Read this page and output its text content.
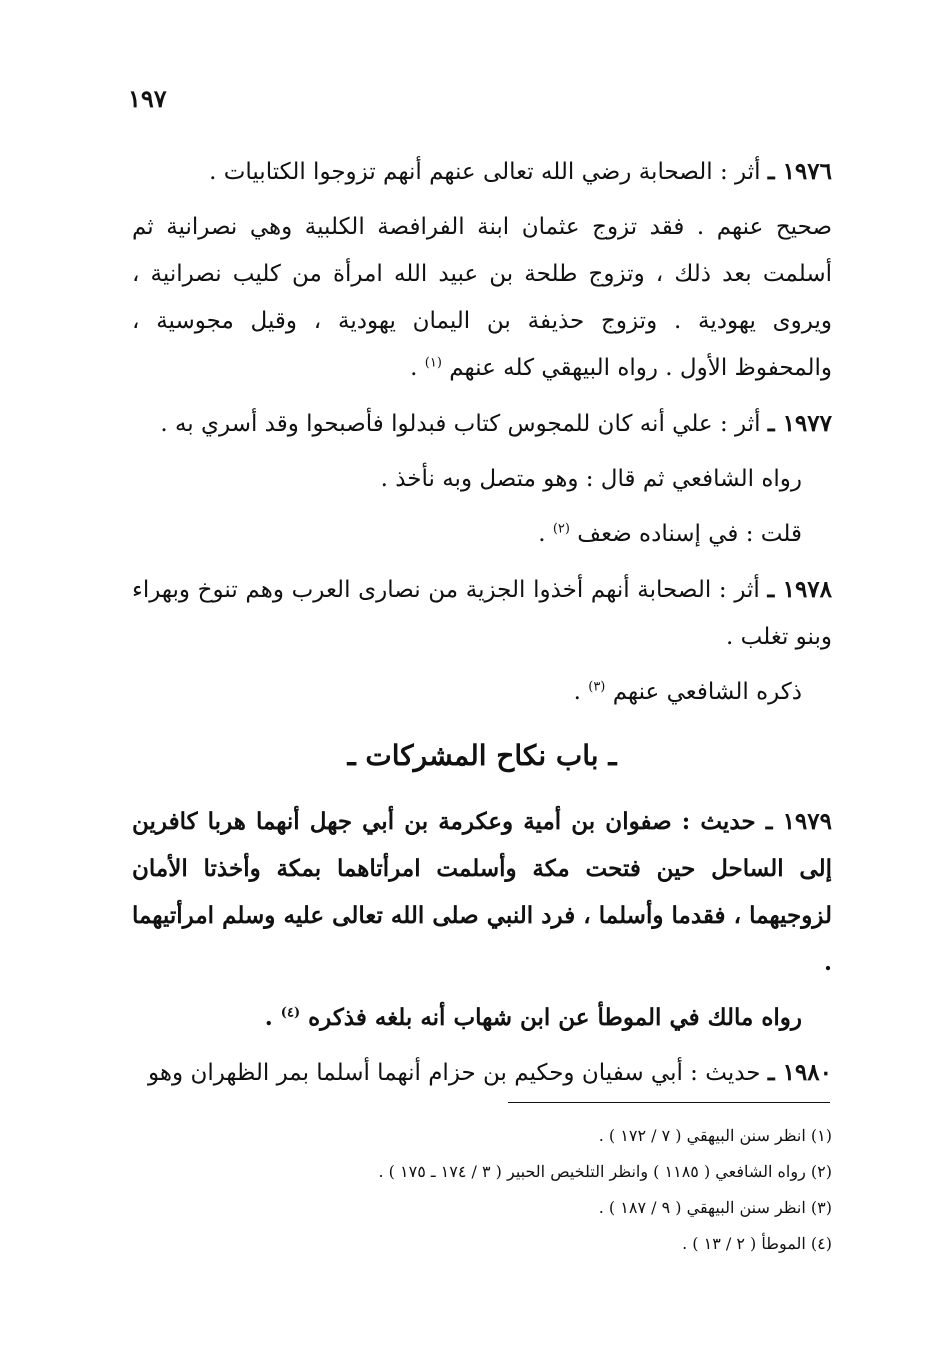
١٩٧

١٩٧٦ ـ أثر : الصحابة رضي الله تعالى عنهم أنهم تزوجوا الكتابيات .

صحيح عنهم . فقد تزوج عثمان ابنة الفرافصة الكلبية وهي نصرانية ثم أسلمت بعد ذلك ، وتزوج طلحة بن عبيد الله امرأة من كليب نصرانية ، ويروى يهودية . وتزوج حذيفة بن اليمان يهودية ، وقيل مجوسية ، والمحفوظ الأول . رواه البيهقي كله عنهم $^{(١)}$ .

١٩٧٧ ـ أثر : علي أنه كان للمجوس كتاب فبدلوا فأصبحوا وقد أسري به .

رواه الشافعي ثم قال : وهو متصل وبه نأخذ .

قلت : في إسناده ضعف $^{(٢)}$ .

١٩٧٨ ـ أثر : الصحابة أنهم أخذوا الجزية من نصارى العرب وهم تنوخ وبهراء وبنو تغلب .

ذكره الشافعي عنهم $^{(٣)}$ .

ـ باب نكاح المشركات ـ

١٩٧٩ ـ حديث : صفوان بن أمية وعكرمة بن أبي جهل أنهما هربا كافرين إلى الساحل حين فتحت مكة وأسلمت امرأتاهما بمكة وأخذتا الأمان لزوجيهما ، فقدما وأسلما ، فرد النبي صلى الله تعالى عليه وسلم امرأتيهما .

رواه مالك في الموطأ عن ابن شهاب أنه بلغه فذكره $^{(٤)}$ .

١٩٨٠ ـ حديث : أبي سفيان وحكيم بن حزام أنهما أسلما بمر الظهران وهو

(١) انظر سنن البيهقي ( ٧ / ١٧٢ ) .
(٢) رواه الشافعي ( ١١٨٥ ) وانظر التلخيص الحبير ( ٣ / ١٧٤ ـ ١٧٥ ) .
(٣) انظر سنن البيهقي ( ٩ / ١٨٧ ) .
(٤) الموطأ ( ٢ / ١٣ ) .
